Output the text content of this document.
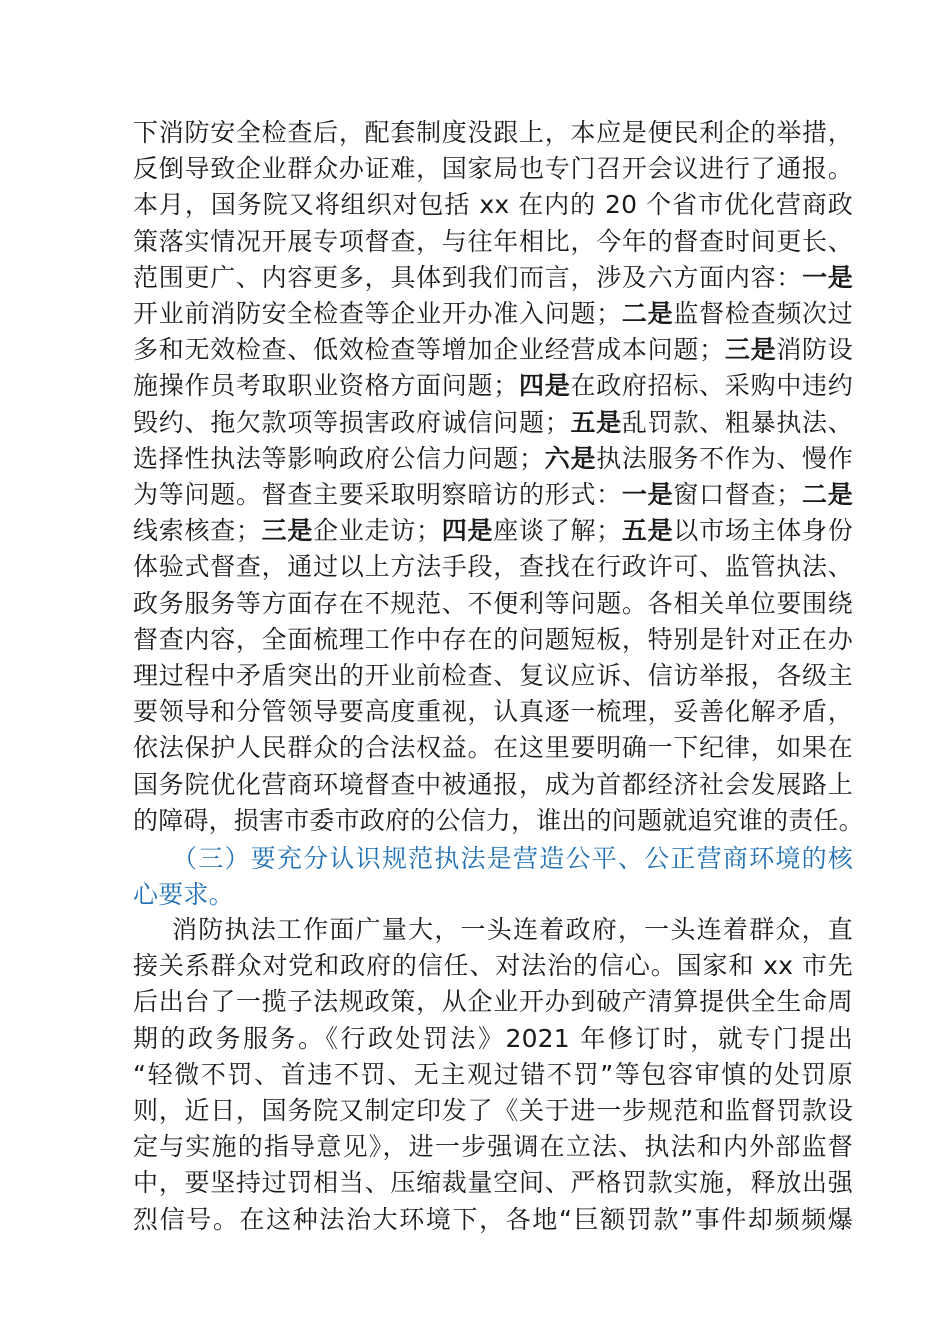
下消防安全检查后，配套制度没跟上，本应是便民利企的举措，
反倒导致企业群众办证难，国家局也专门召开会议进行了通报。
本月，国务院又将组织对包括 xx 在内的 20 个省市优化营商政
策落实情况开展专项督查，与往年相比，今年的督查时间更长、
范围更广、内容更多，具体到我们而言，涉及六方面内容：一是
开业前消防安全检查等企业开办准入问题；二是监督检查频次过
多和无效检查、低效检查等增加企业经营成本问题；三是消防设
施操作员考取职业资格方面问题；四是在政府招标、采购中违约
毁约、拖欠款项等损害政府诚信问题；五是乱罚款、粗暴执法、
选择性执法等影响政府公信力问题；六是执法服务不作为、慢作
为等问题。督查主要采取明察暗访的形式：一是窗口督查；二是
线索核查；三是企业走访；四是座谈了解；五是以市场主体身份
体验式督查，通过以上方法手段，查找在行政许可、监管执法、
政务服务等方面存在不规范、不便利等问题。各相关单位要围绕
督查内容，全面梳理工作中存在的问题短板，特别是针对正在办
理过程中矛盾突出的开业前检查、复议应诉、信访举报，各级主
要领导和分管领导要高度重视，认真逐一梳理，妥善化解矛盾，
依法保护人民群众的合法权益。在这里要明确一下纪律，如果在
国务院优化营商环境督查中被通报，成为首都经济社会发展路上
的障碍，损害市委市政府的公信力，谁出的问题就追究谁的责任。
（三）要充分认识规范执法是营造公平、公正营商环境的核
心要求。
消防执法工作面广量大，一头连着政府，一头连着群众，直
接关系群众对党和政府的信任、对法治的信心。国家和 xx 市先
后出台了一揽子法规政策，从企业开办到破产清算提供全生命周
期的政务服务。《行政处罚法》2021 年修订时，就专门提出
“轻微不罚、首违不罚、无主观过错不罚”等包容审慎的处罚原
则，近日，国务院又制定印发了《关于进一步规范和监督罚款设
定与实施的指导意见》，进一步强调在立法、执法和内外部监督
中，要坚持过罚相当、压缩裁量空间、严格罚款实施，释放出强
烈信号。在这种法治大环境下，各地“巨额罚款”事件却频频爆
